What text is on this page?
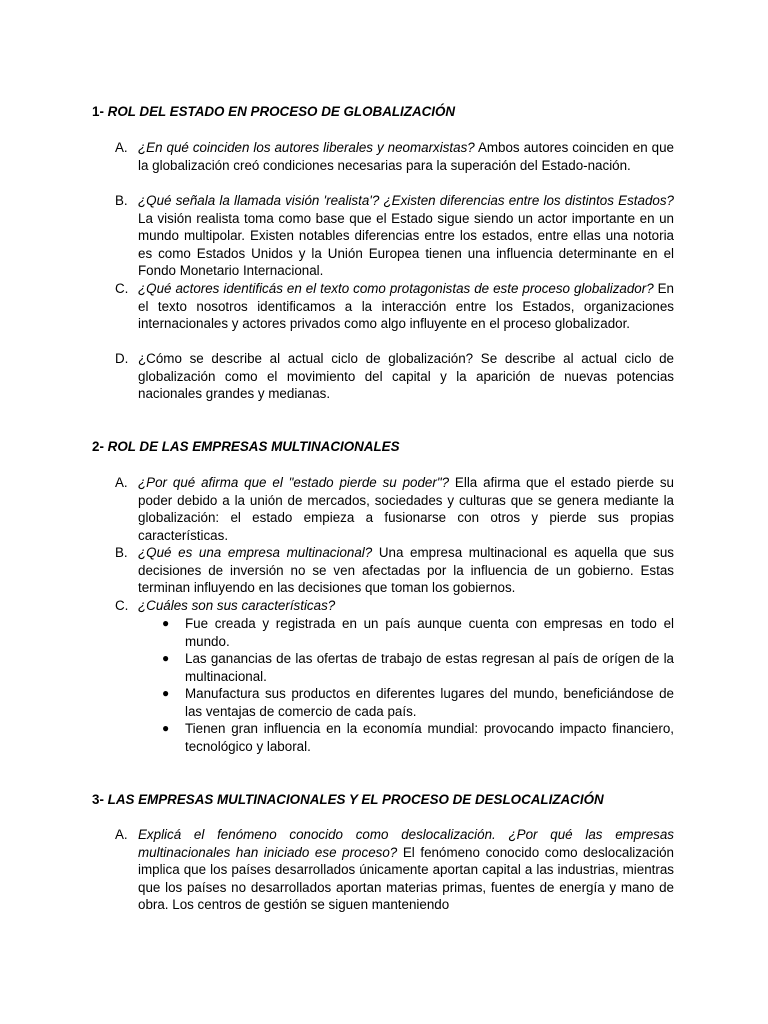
1- ROL DEL ESTADO EN PROCESO DE GLOBALIZACIÓN
A. ¿En qué coinciden los autores liberales y neomarxistas? Ambos autores coinciden en que la globalización creó condiciones necesarias para la superación del Estado-nación.
B. ¿Qué señala la llamada visión 'realista'? ¿Existen diferencias entre los distintos Estados? La visión realista toma como base que el Estado sigue siendo un actor importante en un mundo multipolar. Existen notables diferencias entre los estados, entre ellas una notoria es como Estados Unidos y la Unión Europea tienen una influencia determinante en el Fondo Monetario Internacional.
C. ¿Qué actores identificás en el texto como protagonistas de este proceso globalizador? En el texto nosotros identificamos a la interacción entre los Estados, organizaciones internacionales y actores privados como algo influyente en el proceso globalizador.
D. ¿Cómo se describe al actual ciclo de globalización? Se describe al actual ciclo de globalización como el movimiento del capital y la aparición de nuevas potencias nacionales grandes y medianas.
2- ROL DE LAS EMPRESAS MULTINACIONALES
A. ¿Por qué afirma que el "estado pierde su poder"? Ella afirma que el estado pierde su poder debido a la unión de mercados, sociedades y culturas que se genera mediante la globalización: el estado empieza a fusionarse con otros y pierde sus propias características.
B. ¿Qué es una empresa multinacional? Una empresa multinacional es aquella que sus decisiones de inversión no se ven afectadas por la influencia de un gobierno. Estas terminan influyendo en las decisiones que toman los gobiernos.
C. ¿Cuáles son sus características?
● Fue creada y registrada en un país aunque cuenta con empresas en todo el mundo.
● Las ganancias de las ofertas de trabajo de estas regresan al país de orígen de la multinacional.
● Manufactura sus productos en diferentes lugares del mundo, beneficiándose de las ventajas de comercio de cada país.
● Tienen gran influencia en la economía mundial: provocando impacto financiero, tecnológico y laboral.
3- LAS EMPRESAS MULTINACIONALES Y EL PROCESO DE DESLOCALIZACIÓN
A. Explicá el fenómeno conocido como deslocalización. ¿Por qué las empresas multinacionales han iniciado ese proceso? El fenómeno conocido como deslocalización implica que los países desarrollados únicamente aportan capital a las industrias, mientras que los países no desarrollados aportan materias primas, fuentes de energía y mano de obra. Los centros de gestión se siguen manteniendo
